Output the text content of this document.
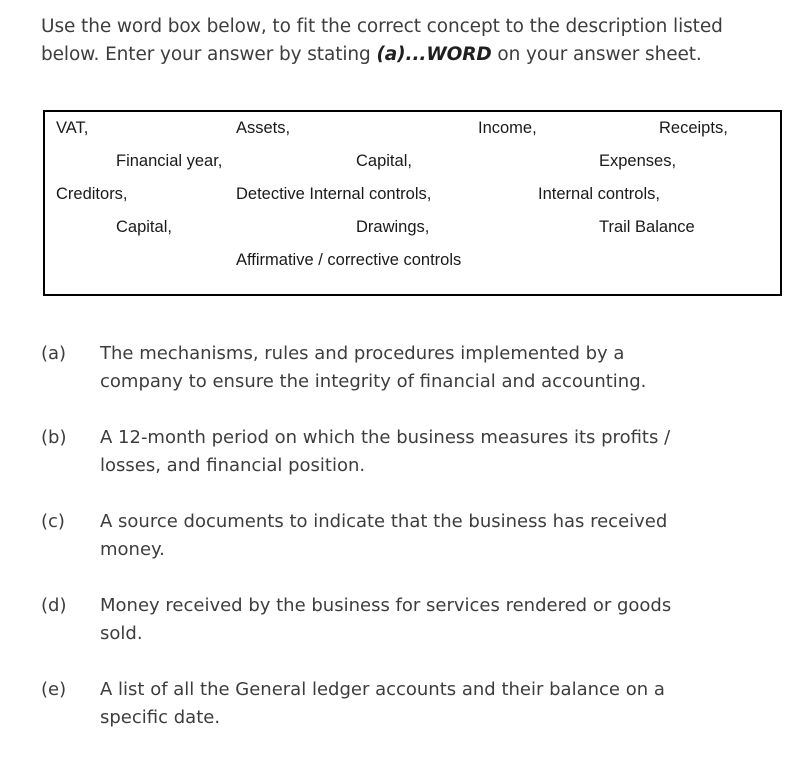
Use the word box below, to fit the correct concept to the description listed
below. Enter your answer by stating (a)...WORD on your answer sheet.
VAT,	Assets,	Income,	Receipts,
Financial year,	Capital,	Expenses,
Creditors,	Detective Internal controls,	Internal controls,
Capital,	Drawings,	Trail Balance
Affirmative / corrective controls
(a) The mechanisms, rules and procedures implemented by a
company to ensure the integrity of financial and accounting.
(b) A 12-month period on which the business measures its profits /
losses, and financial position.
(c) A source documents to indicate that the business has received
money.
(d) Money received by the business for services rendered or goods
sold.
(e) A list of all the General ledger accounts and their balance on a
specific date.
